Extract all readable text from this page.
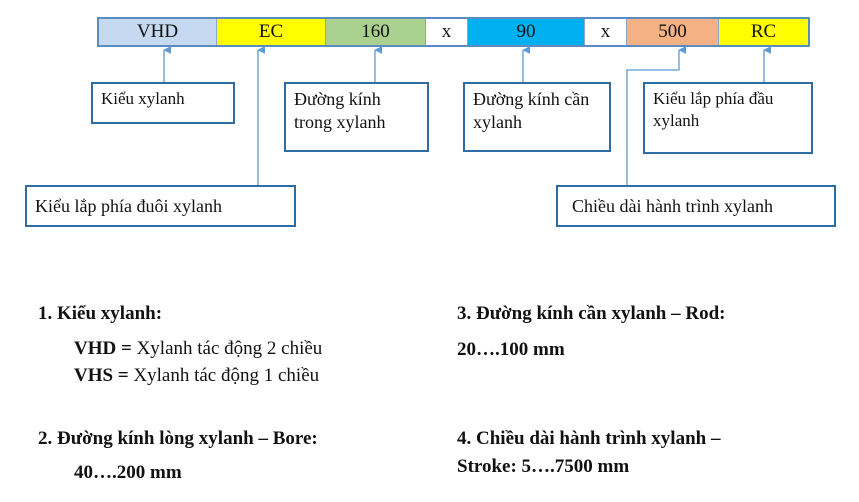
VHD	EC	160	x	90	x	500	RC
Kiểu xylanh	Đường kính trong xylanh
Đường kính cần xylanh
Kiểu lắp phía đầu xylanh
Kiểu lắp phía đuôi xylanh	Chiều dài hành trình xylanh
1. Kiểu xylanh:
VHD = Xylanh tác động 2 chiều
VHS = Xylanh tác động 1 chiều
2. Đường kính lòng xylanh – Bore:
40….200 mm
3. Đường kính cần xylanh – Rod:
20….100 mm
4. Chiều dài hành trình xylanh –
Stroke: 5….7500 mm
